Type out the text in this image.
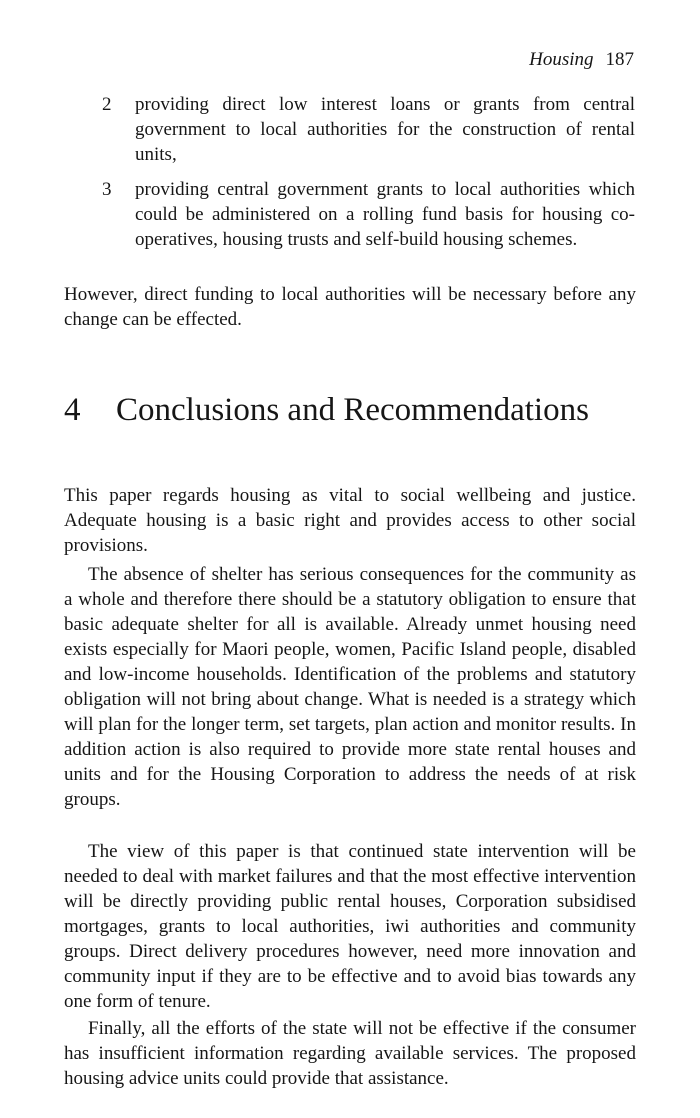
Housing 187
2 providing direct low interest loans or grants from central government to local authorities for the construction of rental units,
3 providing central government grants to local authorities which could be administered on a rolling fund basis for housing co-operatives, housing trusts and self-build housing schemes.

However, direct funding to local authorities will be necessary before any change can be effected.

4 Conclusions and Recommendations

This paper regards housing as vital to social wellbeing and justice. Adequate housing is a basic right and provides access to other social provisions.

The absence of shelter has serious consequences for the community as a whole and therefore there should be a statutory obligation to ensure that basic adequate shelter for all is available. Already unmet housing need exists especially for Maori people, women, Pacific Island people, disabled and low-income households. Identification of the problems and statutory obligation will not bring about change. What is needed is a strategy which will plan for the longer term, set targets, plan action and monitor results. In addition action is also required to provide more state rental houses and units and for the Housing Corporation to address the needs of at risk groups.

The view of this paper is that continued state intervention will be needed to deal with market failures and that the most effective intervention will be directly providing public rental houses, Corporation subsidised mortgages, grants to local authorities, iwi authorities and community groups. Direct delivery procedures however, need more innovation and community input if they are to be effective and to avoid bias towards any one form of tenure.

Finally, all the efforts of the state will not be effective if the consumer has insufficient information regarding available services. The proposed housing advice units could provide that assistance.
